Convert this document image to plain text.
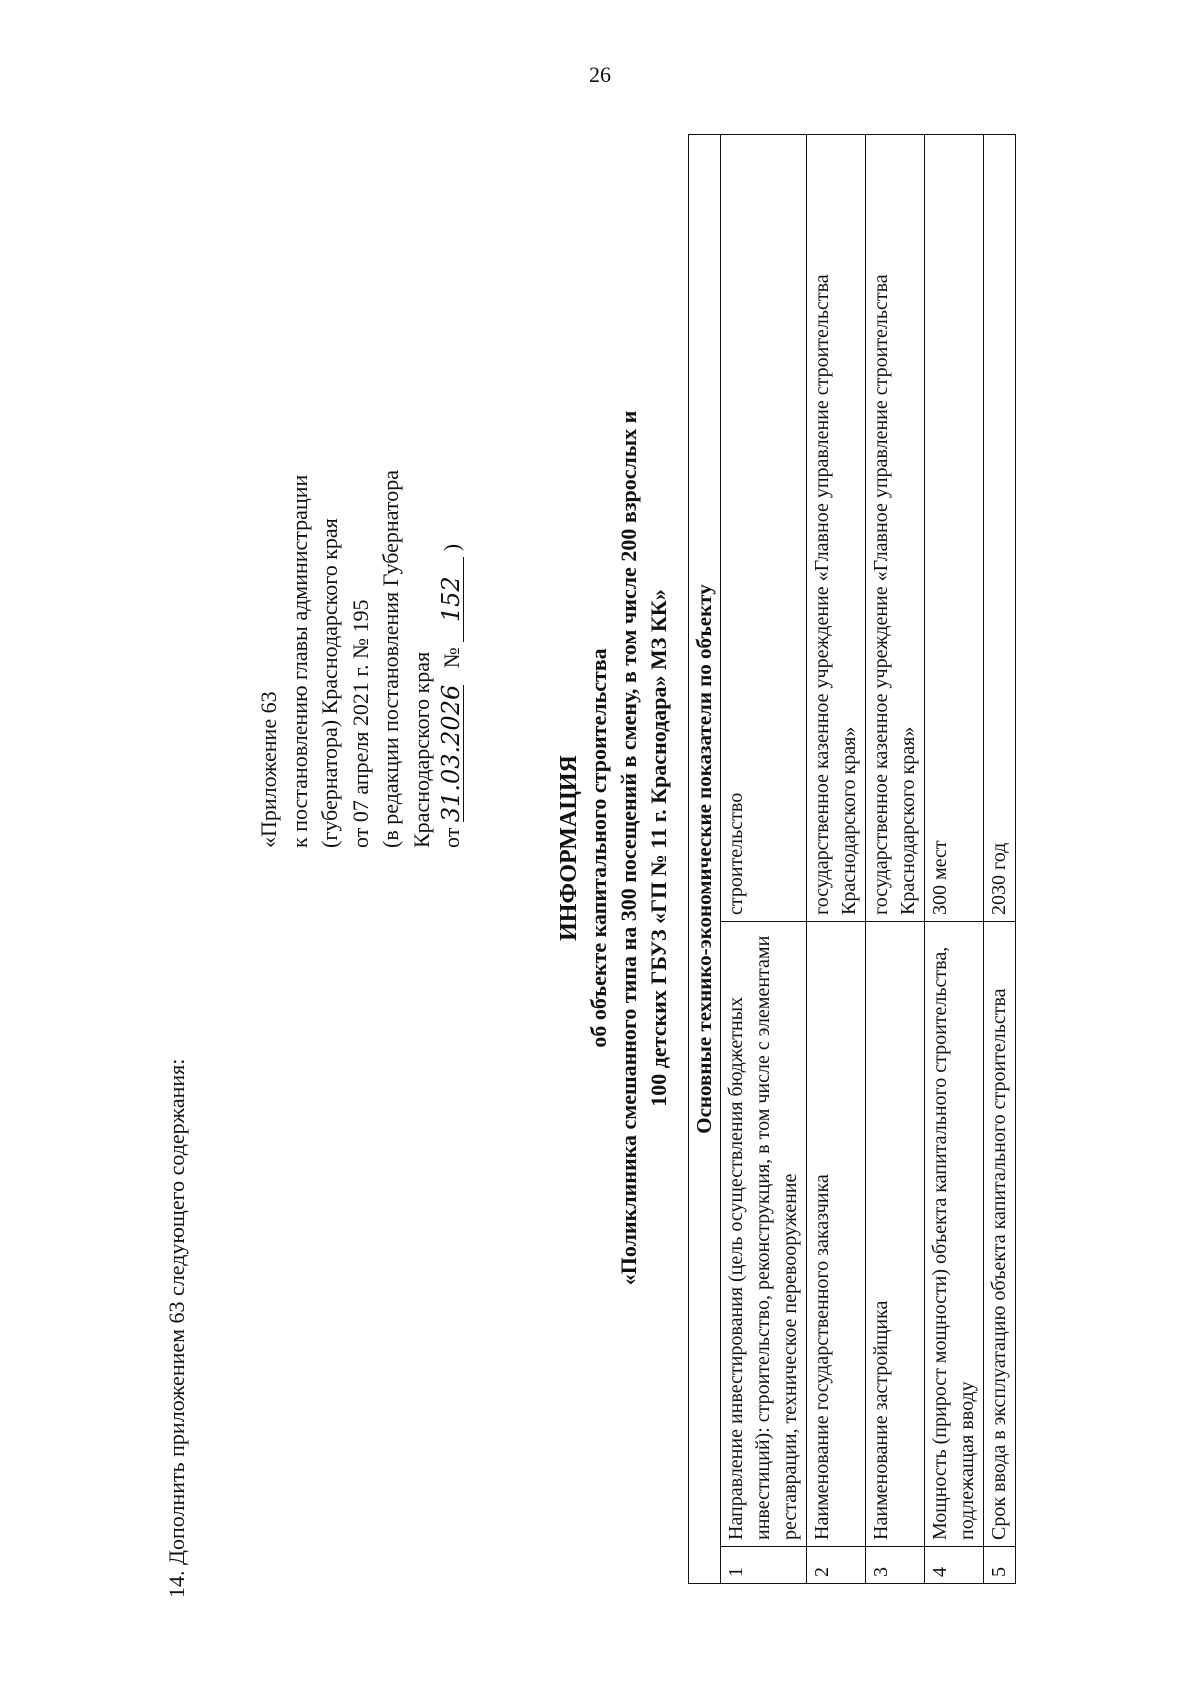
26
14. Дополнить приложением 63 следующего содержания:
«Приложение 63 к постановлению главы администрации (губернатора) Краснодарского края от 07 апреля 2021 г. № 195 (в редакции постановления Губернатора Краснодарского края от 31.03.2026   № 152 )
ИНФОРМАЦИЯ об объекте капитального строительства «Поликлиника смешанного типа на 300 посещений в смену, в том числе 200 взрослых и 100 детских ГБУЗ «ГП № 11 г. Краснодара» МЗ КК» Основные технико-экономические показатели по объекту		
1	Направление инвестирования (цель осуществления бюджетных инвестиций): строительство, реконструкция, в том числе с элементами реставрации, техническое перевооружение	строительство
2	Наименование государственного заказчика	государственное казенное учреждение «Главное управление строительства Краснодарского края»
3	Наименование застройщика	государственное казенное учреждение «Главное управление строительства Краснодарского края»
4	Мощность (прирост мощности) объекта капитального строительства, подлежащая вводу	300 мест
5	Срок ввода в эксплуатацию объекта капитального строительства	2030 год
